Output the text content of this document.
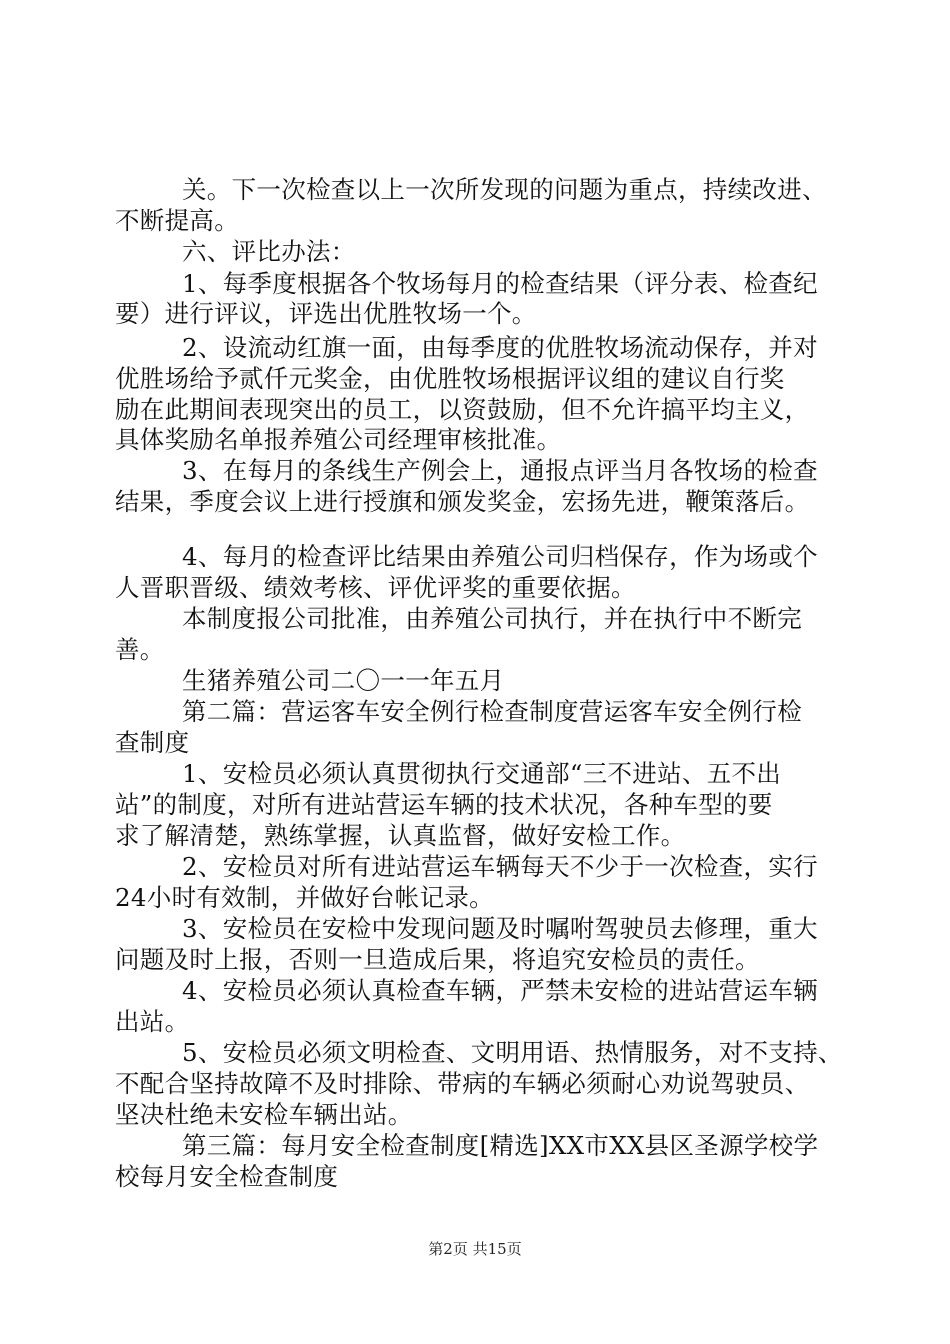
关。下一次检查以上一次所发现的问题为重点，持续改进、
不断提高。
六、评比办法：
1、每季度根据各个牧场每月的检查结果（评分表、检查纪
要）进行评议，评选出优胜牧场一个。
2、设流动红旗一面，由每季度的优胜牧场流动保存，并对
优胜场给予贰仟元奖金，由优胜牧场根据评议组的建议自行奖
励在此期间表现突出的员工，以资鼓励，但不允许搞平均主义，
具体奖励名单报养殖公司经理审核批准。
3、在每月的条线生产例会上，通报点评当月各牧场的检查
结果，季度会议上进行授旗和颁发奖金，宏扬先进，鞭策落后。
4、每月的检查评比结果由养殖公司归档保存，作为场或个
人晋职晋级、绩效考核、评优评奖的重要依据。
本制度报公司批准，由养殖公司执行，并在执行中不断完
善。
生猪养殖公司二〇一一年五月
第二篇：营运客车安全例行检查制度营运客车安全例行检
查制度
1、安检员必须认真贯彻执行交通部“三不进站、五不出
站”的制度，对所有进站营运车辆的技术状况，各种车型的要
求了解清楚，熟练掌握，认真监督，做好安检工作。
2、安检员对所有进站营运车辆每天不少于一次检查，实行
24小时有效制，并做好台帐记录。
3、安检员在安检中发现问题及时嘱咐驾驶员去修理，重大
问题及时上报，否则一旦造成后果，将追究安检员的责任。
4、安检员必须认真检查车辆，严禁未安检的进站营运车辆
出站。
5、安检员必须文明检查、文明用语、热情服务，对不支持、
不配合坚持故障不及时排除、带病的车辆必须耐心劝说驾驶员、
坚决杜绝未安检车辆出站。
第三篇：每月安全检查制度[精选]XX市XX县区圣源学校学
校每月安全检查制度
第2页 共15页
